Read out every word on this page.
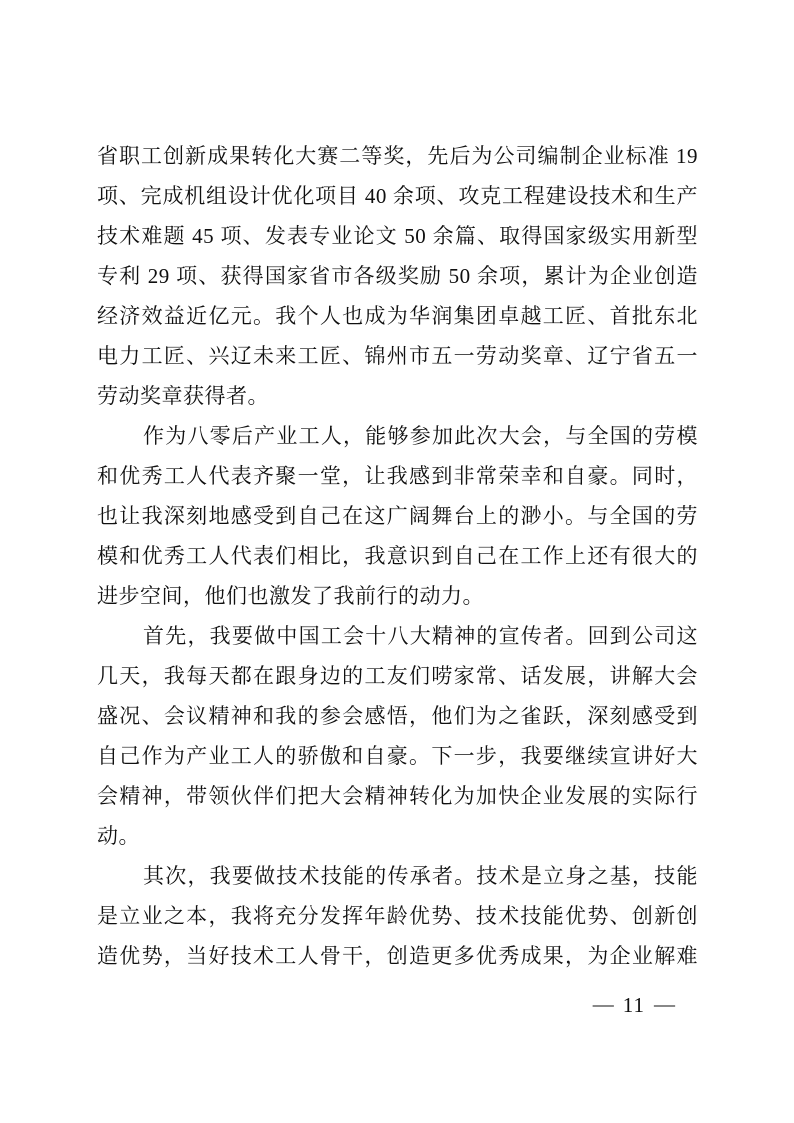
省职工创新成果转化大赛二等奖，先后为公司编制企业标准 19
项、完成机组设计优化项目 40 余项、攻克工程建设技术和生产
技术难题 45 项、发表专业论文 50 余篇、取得国家级实用新型
专利 29 项、获得国家省市各级奖励 50 余项，累计为企业创造
经济效益近亿元。我个人也成为华润集团卓越工匠、首批东北
电力工匠、兴辽未来工匠、锦州市五一劳动奖章、辽宁省五一
劳动奖章获得者。
作为八零后产业工人，能够参加此次大会，与全国的劳模
和优秀工人代表齐聚一堂，让我感到非常荣幸和自豪。同时，
也让我深刻地感受到自己在这广阔舞台上的渺小。与全国的劳
模和优秀工人代表们相比，我意识到自己在工作上还有很大的
进步空间，他们也激发了我前行的动力。
首先，我要做中国工会十八大精神的宣传者。回到公司这
几天，我每天都在跟身边的工友们唠家常、话发展，讲解大会
盛况、会议精神和我的参会感悟，他们为之雀跃，深刻感受到
自己作为产业工人的骄傲和自豪。下一步，我要继续宣讲好大
会精神，带领伙伴们把大会精神转化为加快企业发展的实际行
动。
其次，我要做技术技能的传承者。技术是立身之基，技能
是立业之本，我将充分发挥年龄优势、技术技能优势、创新创
造优势，当好技术工人骨干，创造更多优秀成果，为企业解难
— 11 —
